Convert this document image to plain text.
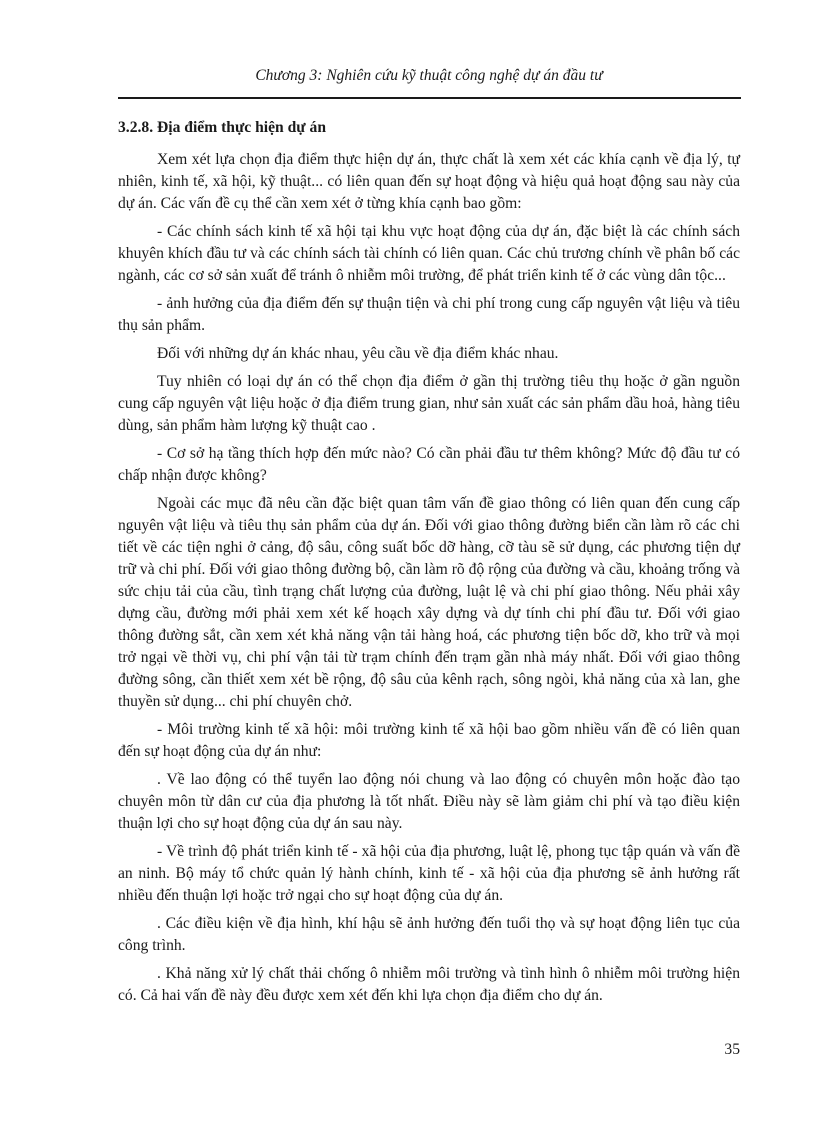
Chương 3: Nghiên cứu kỹ thuật công nghệ dự án đầu tư
3.2.8. Địa điểm thực hiện dự án

Xem xét lựa chọn địa điểm thực hiện dự án, thực chất là xem xét các khía cạnh về địa lý, tự nhiên, kinh tế, xã hội, kỹ thuật... có liên quan đến sự hoạt động và hiệu quả hoạt động sau này của dự án. Các vấn đề cụ thể cần xem xét ở từng khía cạnh bao gồm:

- Các chính sách kinh tế xã hội tại khu vực hoạt động của dự án, đặc biệt là các chính sách khuyên khích đầu tư và các chính sách tài chính có liên quan. Các chủ trương chính về phân bố các ngành, các cơ sở sản xuất để tránh ô nhiễm môi trường, để phát triển kinh tế ở các vùng dân tộc...

- ảnh hưởng của địa điểm đến sự thuận tiện và chi phí trong cung cấp nguyên vật liệu và tiêu thụ sản phẩm.

Đối với những dự án khác nhau, yêu cầu về địa điểm khác nhau.

Tuy nhiên có loại dự án có thể chọn địa điểm ở gần thị trường tiêu thụ hoặc ở gần nguồn cung cấp nguyên vật liệu hoặc ở địa điểm trung gian, như sản xuất các sản phẩm dầu hoả, hàng tiêu dùng, sản phẩm hàm lượng kỹ thuật cao .

- Cơ sở hạ tầng thích hợp đến mức nào? Có cần phải đầu tư thêm không? Mức độ đầu tư có chấp nhận được không?

Ngoài các mục đã nêu cần đặc biệt quan tâm vấn đề giao thông có liên quan đến cung cấp nguyên vật liệu và tiêu thụ sản phẩm của dự án. Đối với giao thông đường biển cần làm rõ các chi tiết về các tiện nghi ở cảng, độ sâu, công suất bốc dỡ hàng, cỡ tàu sẽ sử dụng, các phương tiện dự trữ và chi phí. Đối với giao thông đường bộ, cần làm rõ độ rộng của đường và cầu, khoảng trống và sức chịu tải của cầu, tình trạng chất lượng của đường, luật lệ và chi phí giao thông. Nếu phải xây dựng cầu, đường mới phải xem xét kế hoạch xây dựng và dự tính chi phí đầu tư. Đối với giao thông đường sắt, cần xem xét khả năng vận tải hàng hoá, các phương tiện bốc dỡ, kho trữ và mọi trở ngại về thời vụ, chi phí vận tải từ trạm chính đến trạm gần nhà máy nhất. Đối với giao thông đường sông, cần thiết xem xét bề rộng, độ sâu của kênh rạch, sông ngòi, khả năng của xà lan, ghe thuyền sử dụng... chi phí chuyên chở.

- Môi trường kinh tế xã hội: môi trường kinh tế xã hội bao gồm nhiều vấn đề có liên quan đến sự hoạt động của dự án như:

. Về lao động có thể tuyển lao động nói chung và lao động có chuyên môn hoặc đào tạo chuyên môn từ dân cư của địa phương là tốt nhất. Điều này sẽ làm giảm chi phí và tạo điều kiện thuận lợi cho sự hoạt động của dự án sau này.

- Về trình độ phát triển kinh tế - xã hội của địa phương, luật lệ, phong tục tập quán và vấn đề an ninh. Bộ máy tổ chức quản lý hành chính, kinh tế - xã hội của địa phương sẽ ảnh hưởng rất nhiều đến thuận lợi hoặc trở ngại cho sự hoạt động của dự án.

. Các điều kiện về địa hình, khí hậu sẽ ảnh hưởng đến tuổi thọ và sự hoạt động liên tục của công trình.

. Khả năng xử lý chất thải chống ô nhiễm môi trường và tình hình ô nhiễm môi trường hiện có. Cả hai vấn đề này đều được xem xét đến khi lựa chọn địa điểm cho dự án.

35
